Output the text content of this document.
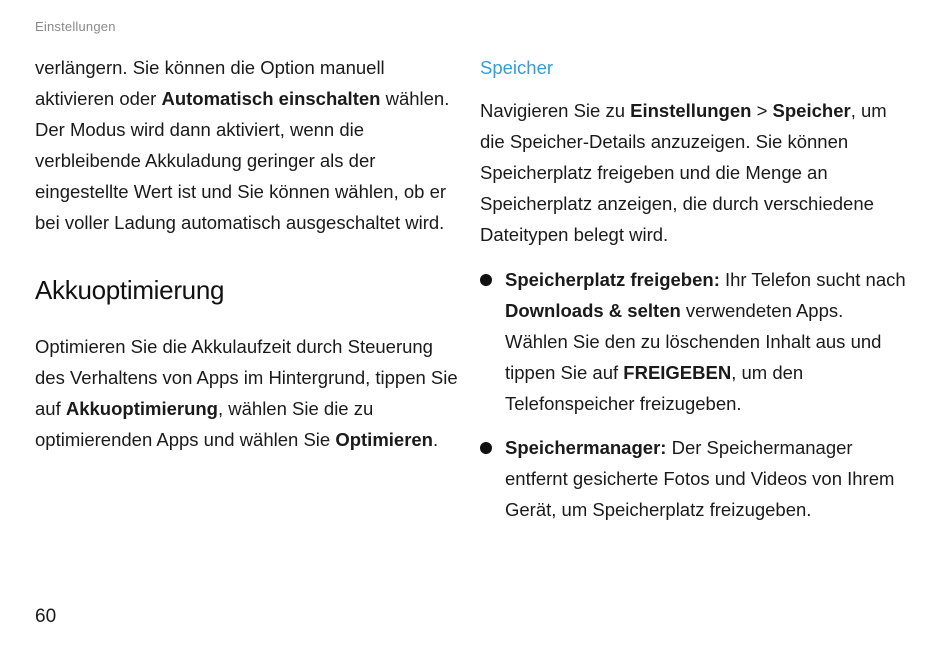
Einstellungen

verlängern. Sie können die Option manuell aktivieren oder Automatisch einschalten wählen. Der Modus wird dann aktiviert, wenn die verbleibende Akkuladung geringer als der eingestellte Wert ist und Sie können wählen, ob er bei voller Ladung automatisch ausgeschaltet wird.

Akkuoptimierung

Optimieren Sie die Akkulaufzeit durch Steuerung des Verhaltens von Apps im Hintergrund, tippen Sie auf Akkuoptimierung, wählen Sie die zu optimierenden Apps und wählen Sie Optimieren.

Speicher

Navigieren Sie zu Einstellungen > Speicher, um die Speicher-Details anzuzeigen. Sie können Speicherplatz freigeben und die Menge an Speicherplatz anzeigen, die durch verschiedene Dateitypen belegt wird.

Speicherplatz freigeben: Ihr Telefon sucht nach Downloads & selten verwendeten Apps. Wählen Sie den zu löschenden Inhalt aus und tippen Sie auf FREIGEBEN, um den Telefonspeicher freizugeben.
Speichermanager: Der Speichermanager entfernt gesicherte Fotos und Videos von Ihrem Gerät, um Speicherplatz freizugeben.
60
